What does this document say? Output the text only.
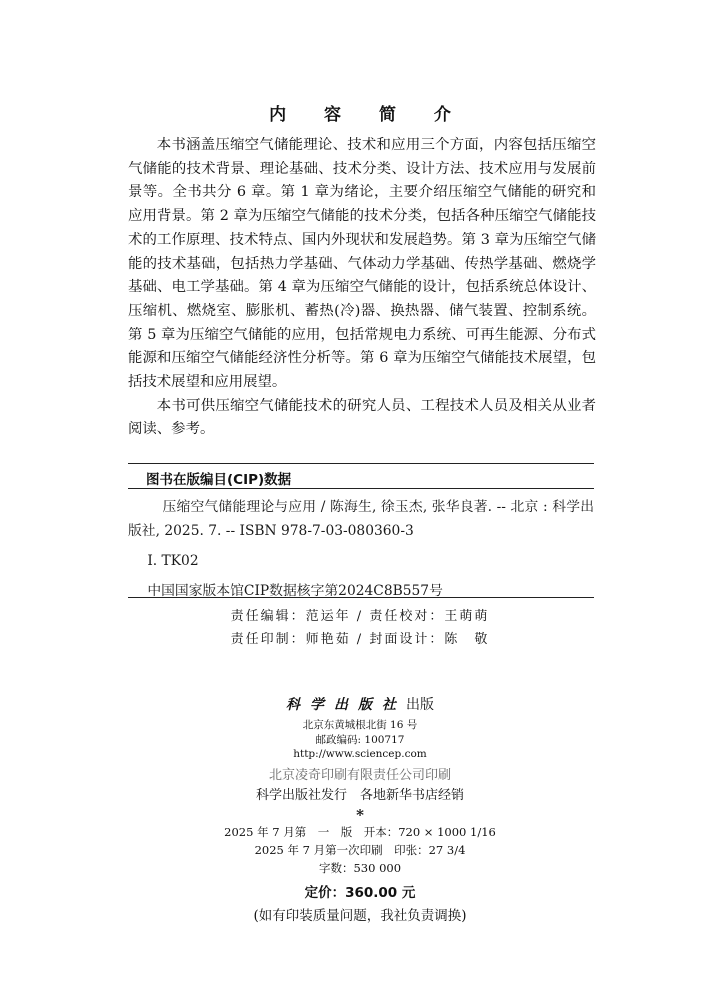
内 容 简 介

本书涵盖压缩空气储能理论、技术和应用三个方面，内容包括压缩空气储能的技术背景、理论基础、技术分类、设计方法、技术应用与发展前景等。全书共分 6 章。第 1 章为绪论，主要介绍压缩空气储能的研究和应用背景。第 2 章为压缩空气储能的技术分类，包括各种压缩空气储能技术的工作原理、技术特点、国内外现状和发展趋势。第 3 章为压缩空气储能的技术基础，包括热力学基础、气体动力学基础、传热学基础、燃烧学基础、电工学基础。第 4 章为压缩空气储能的设计，包括系统总体设计、压缩机、燃烧室、膨胀机、蓄热(冷)器、换热器、储气装置、控制系统。第 5 章为压缩空气储能的应用，包括常规电力系统、可再生能源、分布式能源和压缩空气储能经济性分析等。第 6 章为压缩空气储能技术展望，包括技术展望和应用展望。

本书可供压缩空气储能技术的研究人员、工程技术人员及相关从业者阅读、参考。

图书在版编目(CIP)数据
压缩空气储能理论与应用 / 陈海生, 徐玉杰, 张华良著. -- 北京 : 科学出版社, 2025. 7. -- ISBN 978-7-03-080360-3
Ⅰ. TK02
中国国家版本馆CIP数据核字第2024C8B557号
责任编辑：范运年 / 责任校对：王萌萌
责任印制：师艳茹 / 封面设计：陈　敬
科学出版社出版
北京东黄城根北街 16 号
邮政编码: 100717
http://www.sciencep.com
北京凌奇印刷有限责任公司印刷
科学出版社发行　各地新华书店经销
*
2025 年 7 月第　一　版　开本：720 × 1000 1/16
2025 年 7 月第一次印刷　印张：27 3/4
字数：530 000
定价：360.00 元
(如有印装质量问题，我社负责调换)
